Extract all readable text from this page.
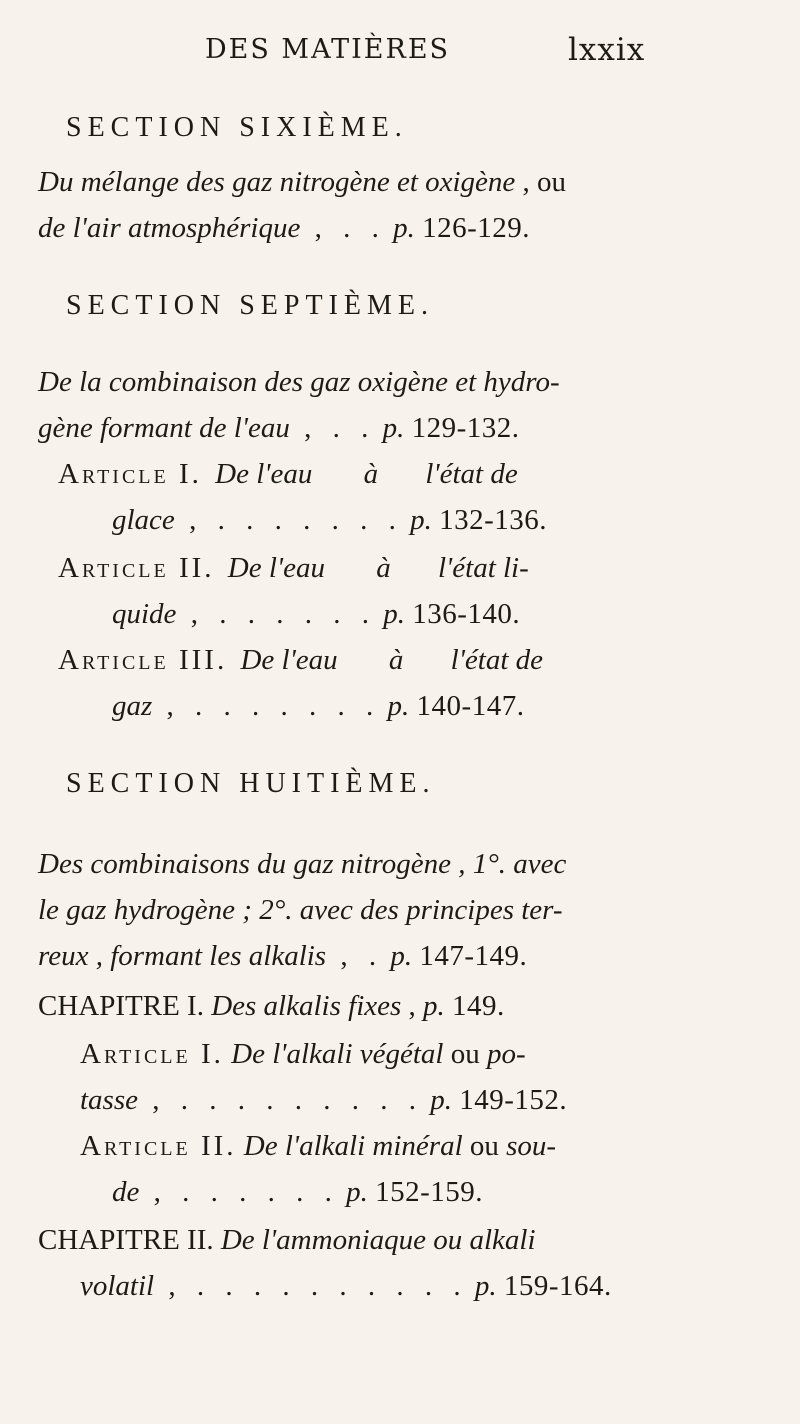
DES MATIÈRES	lxxix
SECTION SIXIÈME.
Du mélange des gaz nitrogène et oxigène , ou
de l'air atmosphérique , . . p. 126-129.
SECTION SEPTIÈME.
De la combinaison des gaz oxigène et hydro-
gène formant de l'eau , . . p. 129-132.
Article I. De l'eau à l'état de
glace , . . . . . . . p. 132-136.
Article II. De l'eau à l'état li-
quide , . . . . . . p. 136-140.
Article III. De l'eau à l'état de
gaz , . . . . . . . p. 140-147.
SECTION HUITIÈME.
Des combinaisons du gaz nitrogène , 1°. avec
le gaz hydrogène ; 2°. avec des principes ter-
reux , formant les alkalis , . p. 147-149.
CHAPITRE I. Des alkalis fixes , p. 149.
Article I. De l'alkali végétal ou po-
tasse , . . . . . . . . . p. 149-152.
Article II. De l'alkali minéral ou sou-
de , . . . . . . p. 152-159.
CHAPITRE II. De l'ammoniaque ou alkali
volatil , . . . . . . . . . . p. 159-164.
